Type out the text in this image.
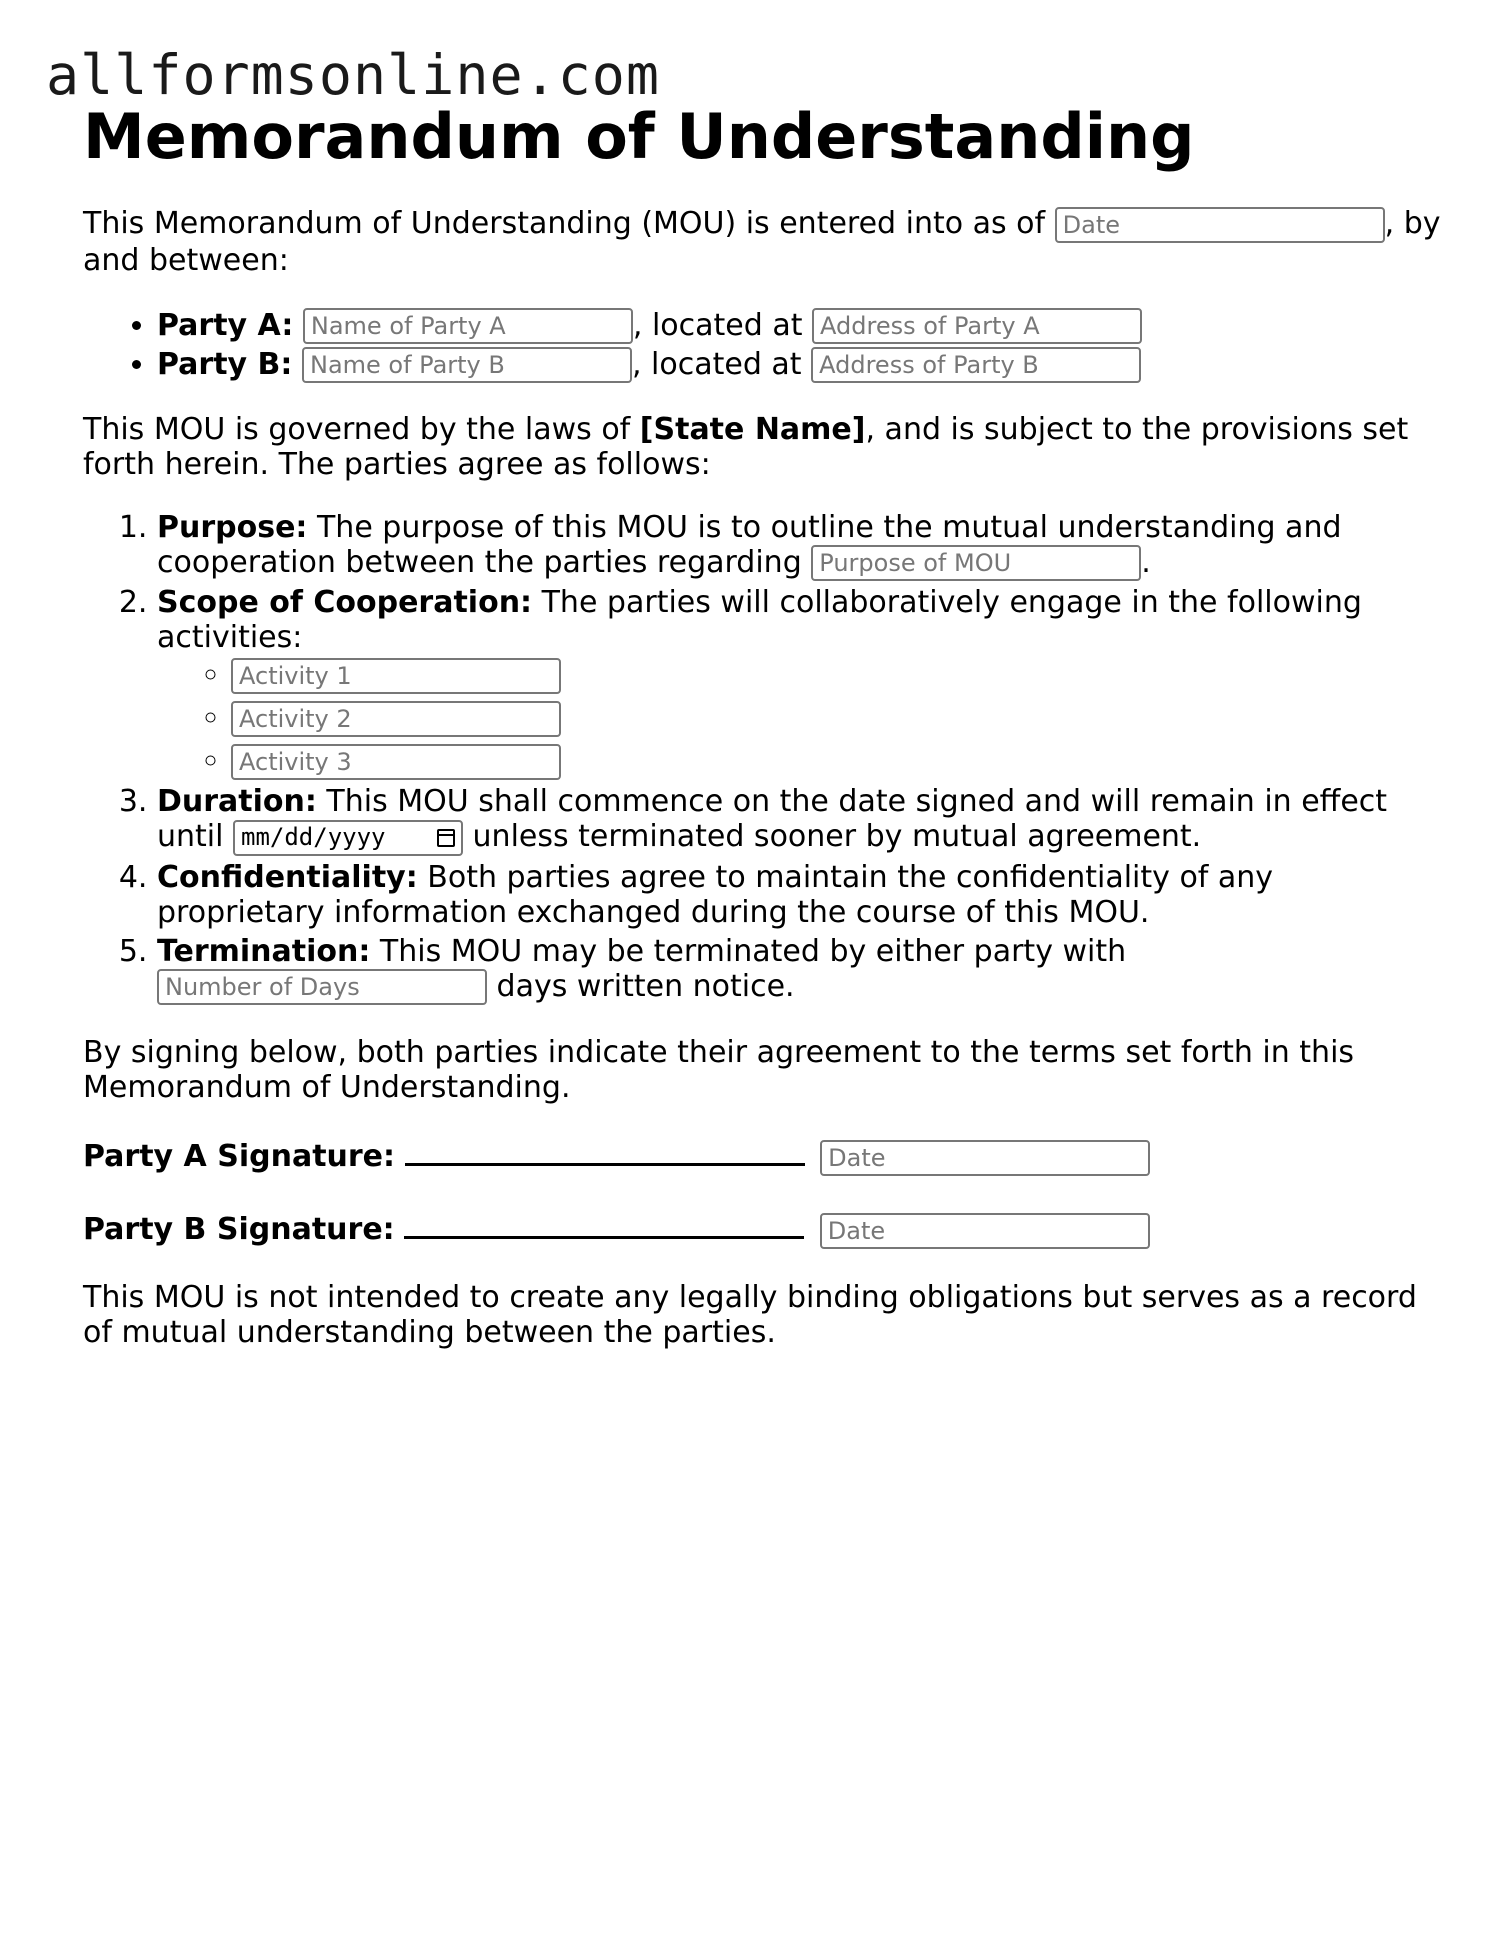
allformsonline.com
Memorandum of Understanding

This Memorandum of Understanding (MOU) is entered into as of Date	, by and between:

• Party A: Name of Party A	, located at Address of Party A
• Party B: Name of Party B	, located at Address of Party B

This MOU is governed by the laws of [State Name], and is subject to the provisions set forth herein. The parties agree as follows:

1. Purpose: The purpose of this MOU is to outline the mutual understanding and cooperation between the parties regarding Purpose of MOU	.
2. Scope of Cooperation: The parties will collaboratively engage in the following activities:
◦ Activity 1
◦ Activity 2
◦ Activity 3
3. Duration: This MOU shall commence on the date signed and will remain in effect until mm/dd/yyyy	unless terminated sooner by mutual agreement.
4. Confidentiality: Both parties agree to maintain the confidentiality of any proprietary information exchanged during the course of this MOU.
5. Termination: This MOU may be terminated by either party with Number of Days days written notice.

By signing below, both parties indicate their agreement to the terms set forth in this Memorandum of Understanding.

Party A Signature:  Date

Party B Signature:  Date

This MOU is not intended to create any legally binding obligations but serves as a record of mutual understanding between the parties.
